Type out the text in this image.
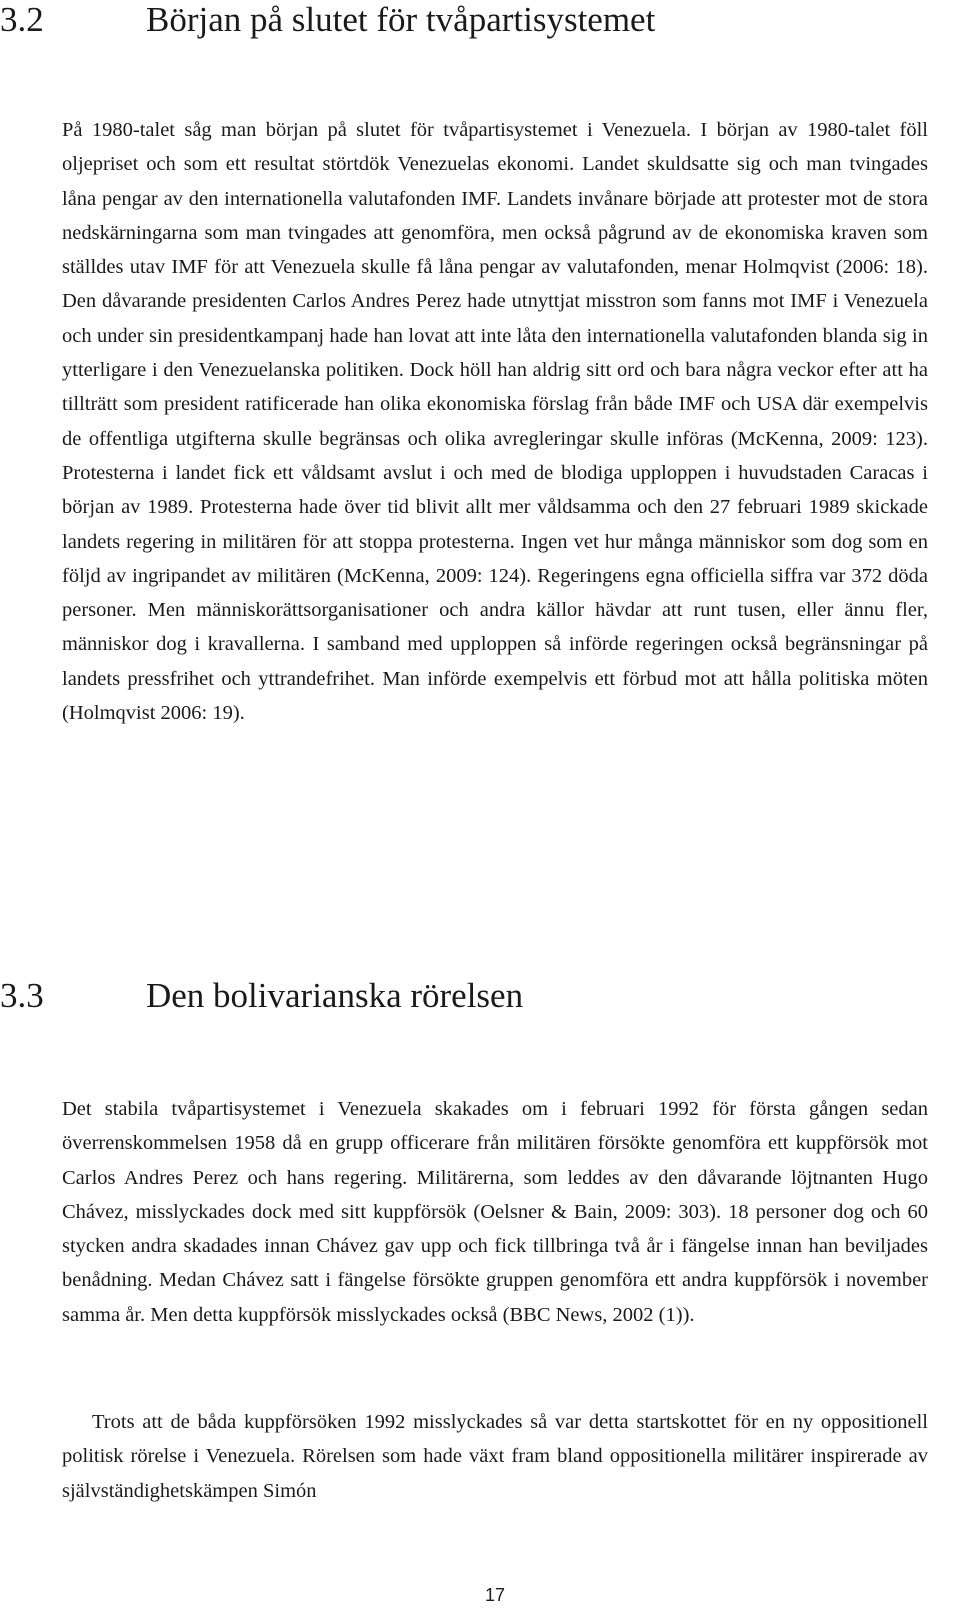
3.2	Början på slutet för tvåpartisystemet

På 1980-talet såg man början på slutet för tvåpartisystemet i Venezuela. I början av 1980-talet föll oljepriset och som ett resultat störtdök Venezuelas ekonomi. Landet skuldsatte sig och man tvingades låna pengar av den internationella valutafonden IMF. Landets invånare började att protester mot de stora nedskärningarna som man tvingades att genomföra, men också pågrund av de ekonomiska kraven som ställdes utav IMF för att Venezuela skulle få låna pengar av valutafonden, menar Holmqvist (2006: 18). Den dåvarande presidenten Carlos Andres Perez hade utnyttjat misstron som fanns mot IMF i Venezuela och under sin presidentkampanj hade han lovat att inte låta den internationella valutafonden blanda sig in ytterligare i den Venezuelanska politiken. Dock höll han aldrig sitt ord och bara några veckor efter att ha tillträtt som president ratificerade han olika ekonomiska förslag från både IMF och USA där exempelvis de offentliga utgifterna skulle begränsas och olika avregleringar skulle införas (McKenna, 2009: 123). Protesterna i landet fick ett våldsamt avslut i och med de blodiga upploppen i huvudstaden Caracas i början av 1989. Protesterna hade över tid blivit allt mer våldsamma och den 27 februari 1989 skickade landets regering in militären för att stoppa protesterna. Ingen vet hur många människor som dog som en följd av ingripandet av militären (McKenna, 2009: 124). Regeringens egna officiella siffra var 372 döda personer. Men människorättsorganisationer och andra källor hävdar att runt tusen, eller ännu fler, människor dog i kravallerna. I samband med upploppen så införde regeringen också begränsningar på landets pressfrihet och yttrandefrihet. Man införde exempelvis ett förbud mot att hålla politiska möten (Holmqvist 2006: 19).

3.3	Den bolivarianska rörelsen

Det stabila tvåpartisystemet i Venezuela skakades om i februari 1992 för första gången sedan överrenskommelsen 1958 då en grupp officerare från militären försökte genomföra ett kuppförsök mot Carlos Andres Perez och hans regering. Militärerna, som leddes av den dåvarande löjtnanten Hugo Chávez, misslyckades dock med sitt kuppförsök (Oelsner & Bain, 2009: 303). 18 personer dog och 60 stycken andra skadades innan Chávez gav upp och fick tillbringa två år i fängelse innan han beviljades benådning. Medan Chávez satt i fängelse försökte gruppen genomföra ett andra kuppförsök i november samma år. Men detta kuppförsök misslyckades också (BBC News, 2002 (1)).

Trots att de båda kuppförsöken 1992 misslyckades så var detta startskottet för en ny oppositionell politisk rörelse i Venezuela. Rörelsen som hade växt fram bland oppositionella militärer inspirerade av självständighetskämpen Simón

17
